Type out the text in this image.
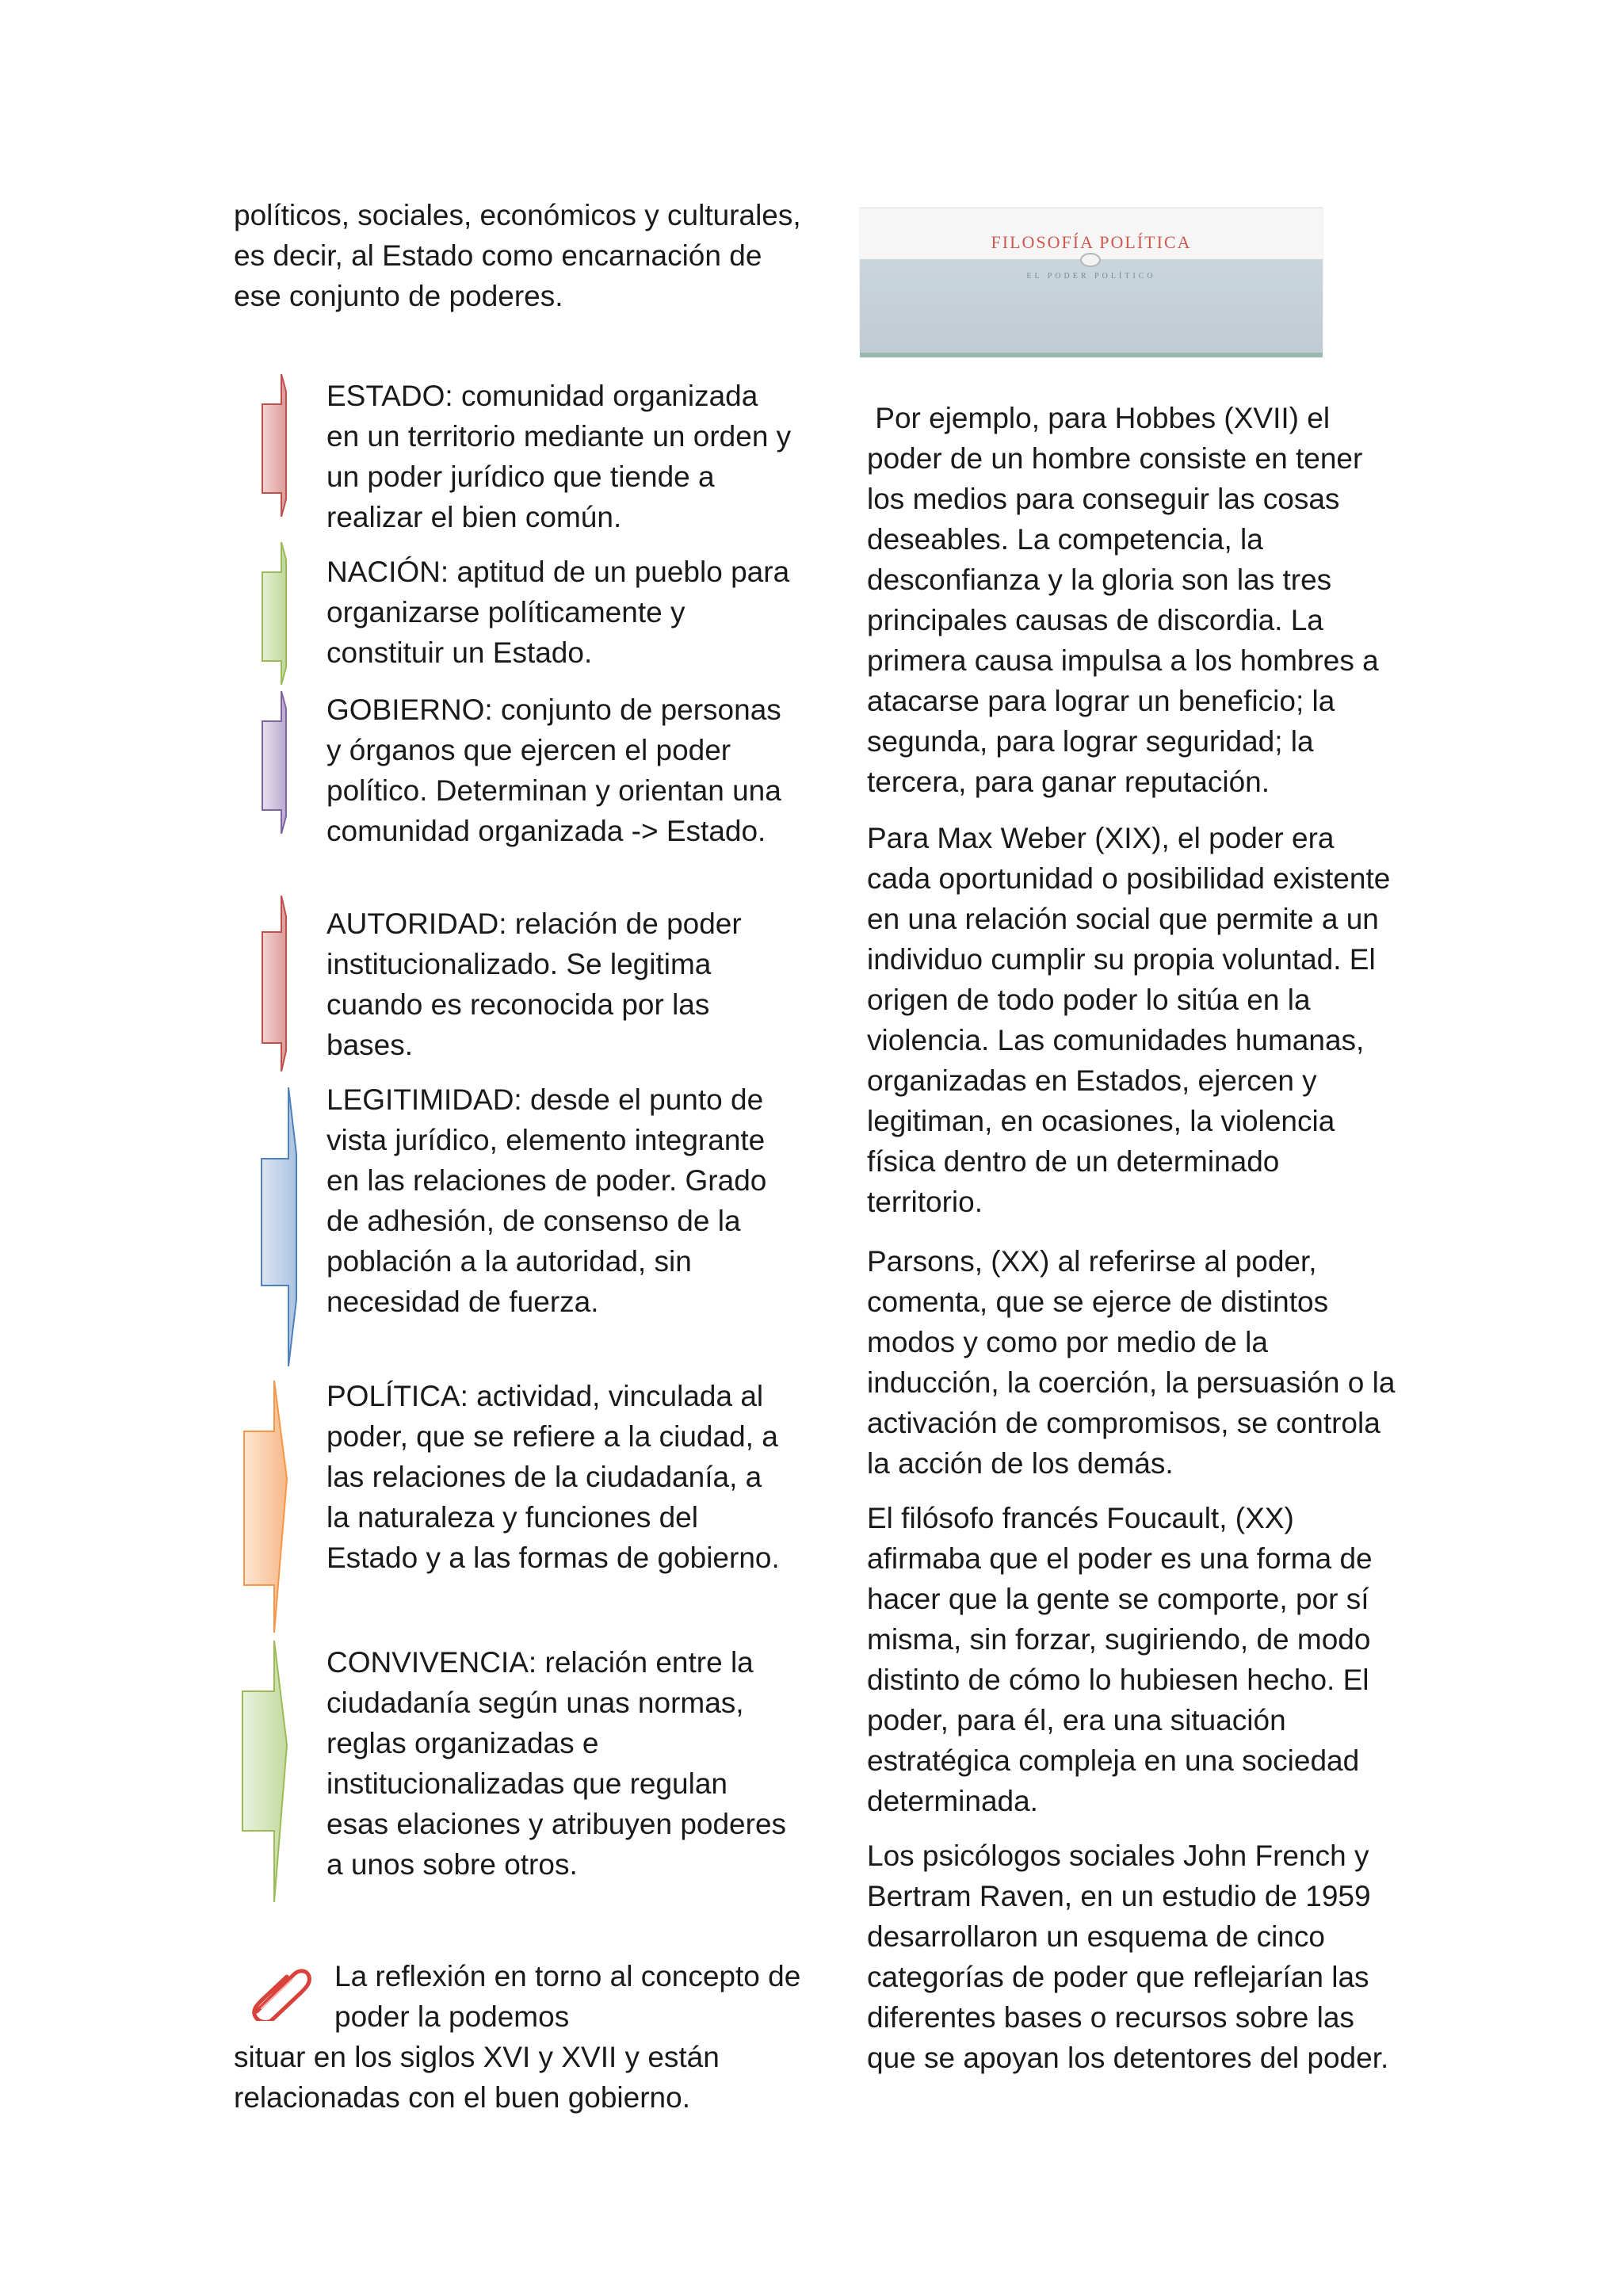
políticos, sociales, económicos y culturales, es decir, al Estado como encarnación de ese conjunto de poderes.

ESTADO: comunidad organizada en un territorio mediante un orden y un poder jurídico que tiende a realizar el bien común.

NACIÓN: aptitud de un pueblo para organizarse políticamente y constituir un Estado.

GOBIERNO: conjunto de personas y órganos que ejercen el poder político. Determinan y orientan una comunidad organizada -> Estado.

AUTORIDAD: relación de poder institucionalizado. Se legitima cuando es reconocida por las bases.

LEGITIMIDAD: desde el punto de vista jurídico, elemento integrante en las relaciones de poder. Grado de adhesión, de consenso de la población a la autoridad, sin necesidad de fuerza.

POLÍTICA: actividad, vinculada al poder, que se refiere a la ciudad, a las relaciones de la ciudadanía, a la naturaleza y funciones del Estado y a las formas de gobierno.

CONVIVENCIA: relación entre la ciudadanía según unas normas, reglas organizadas e institucionalizadas que regulan esas elaciones y atribuyen poderes a unos sobre otros.

La reflexión en torno al concepto de poder la podemos

situar en los siglos XVI y XVII y están relacionadas con el buen gobierno.

FILOSOFÍA POLÍTICA
EL PODER POLÍTICO

Por ejemplo, para Hobbes (XVII) el poder de un hombre consiste en tener los medios para conseguir las cosas deseables. La competencia, la desconfianza y la gloria son las tres principales causas de discordia. La primera causa impulsa a los hombres a atacarse para lograr un beneficio; la segunda, para lograr seguridad; la tercera, para ganar reputación.

Para Max Weber (XIX), el poder era cada oportunidad o posibilidad existente en una relación social que permite a un individuo cumplir su propia voluntad. El origen de todo poder lo sitúa en la violencia. Las comunidades humanas, organizadas en Estados, ejercen y legitiman, en ocasiones, la violencia física dentro de un determinado territorio.

Parsons, (XX) al referirse al poder, comenta, que se ejerce de distintos modos y como por medio de la inducción, la coerción, la persuasión o la activación de compromisos, se controla la acción de los demás.

El filósofo francés Foucault, (XX) afirmaba que el poder es una forma de hacer que la gente se comporte, por sí misma, sin forzar, sugiriendo, de modo distinto de cómo lo hubiesen hecho. El poder, para él, era una situación estratégica compleja en una sociedad determinada.

Los psicólogos sociales John French y Bertram Raven, en un estudio de 1959 desarrollaron un esquema de cinco categorías de poder que reflejarían las diferentes bases o recursos sobre las que se apoyan los detentores del poder.
